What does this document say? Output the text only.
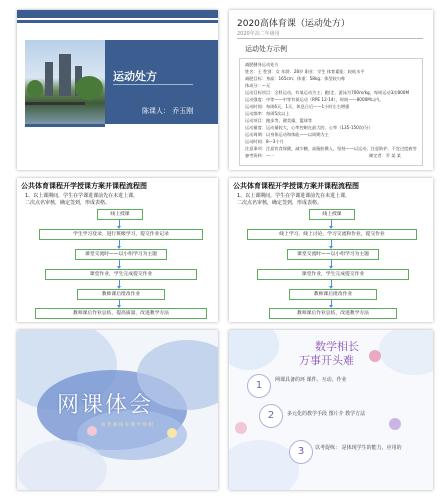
运动处方
陈课人： 乔玉刚
2020高体育课（运动处方）
2020年高二年级用
运动处方示例
减肥健身运动处方
姓名：王 性别：女 年龄：28岁 职业：学生 体育素能：较低水平
减肥目标：身高：165cm；体重：58kg；体型较匀称
体成分：—无
运动目标项目：全科运动，有氧运动为主；跑/走、游泳为700m/kg，每周运动3次800M
运动强度：中等——中等有氧运动（RPE 12-14），时间——8000M以内。
运动时间：每周6天，1天，休息日后——1小时左右增强
运动频率：每周5次以上
运动项目：跑步等，健美操，篮球等
运动量度：运动量较大，心率控制在最大的，心率（135-150次/分）
运动周期：以身体运动和体能——以周期为主
运动时间：8—3个月
注意事项：注意饮食保健，减少糖，高脂肪摄入，坚持——以运动，注意防护，不宜过度疲劳
参考资料：—一	制定者：乔 某 某
公共体育课程开学授课方案并课程流程图
1、以上课期间，学生在学课进课前先在未进上课，
二次点名审核，确定签到，形成表格。
线上授课
学生学习登录，进行班级学习，提交作业记录
课堂交流时——以小组学习为主题
课堂作业，学生完成提交作业
教师课后批改作业
教师课后作业总结，提高质量，改进教学方法
公共体育课程开学授课方案并课程流程图
1、以上课期间，学生在学课进课前先在未进上课，
二次点名审核，确定签到，形成表格。
线上授课
线上学习，线上讨论，学习交流和作业，提交作业
课堂交流时——以小组学习为主题
课堂作业，学生完成提交作业
教师课后批改作业
教师课后作业总结，改进教学方法
网课体会
高 老 师 体 育 教 学 组 织
数学相长
万事开头难
1	网课具备的环 课件、互动、作业
2	多元化的教学手段 图片介 教学方法
3	以考促练： 是体现学生的能力，应用的
